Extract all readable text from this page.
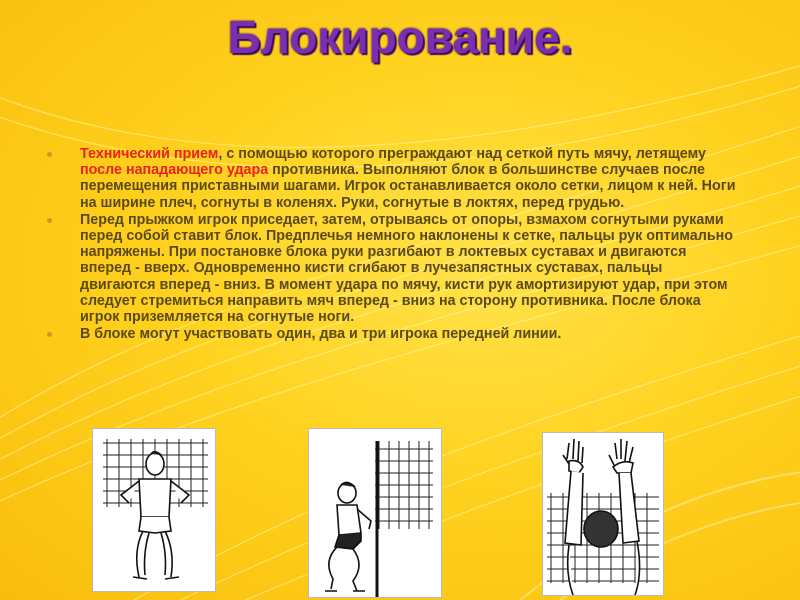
Блокирование.

Технический прием, с помощью которого преграждают над сеткой путь мячу, летящему после нападающего удара противника. Выполняют блок в большинстве случаев после перемещения приставными шагами. Игрок останавливается около сетки, лицом к ней. Ноги на ширине плеч, согнуты в коленях. Руки, согнутые в локтях, перед грудью.

Перед прыжком игрок приседает, затем, отрываясь от опоры, взмахом согнутыми руками перед собой ставит блок. Предплечья немного наклонены к сетке, пальцы рук оптимально напряжены. При постановке блока руки разгибают в локтевых суставах и двигаются вперед - вверх. Одновременно кисти сгибают в лучезапястных суставах, пальцы двигаются вперед - вниз. В момент удара по мячу, кисти рук амортизируют удар, при этом следует стремиться направить мяч вперед - вниз на сторону противника. После блока игрок приземляется на согнутые ноги.

В блоке могут участвовать один, два и три игрока передней линии.
